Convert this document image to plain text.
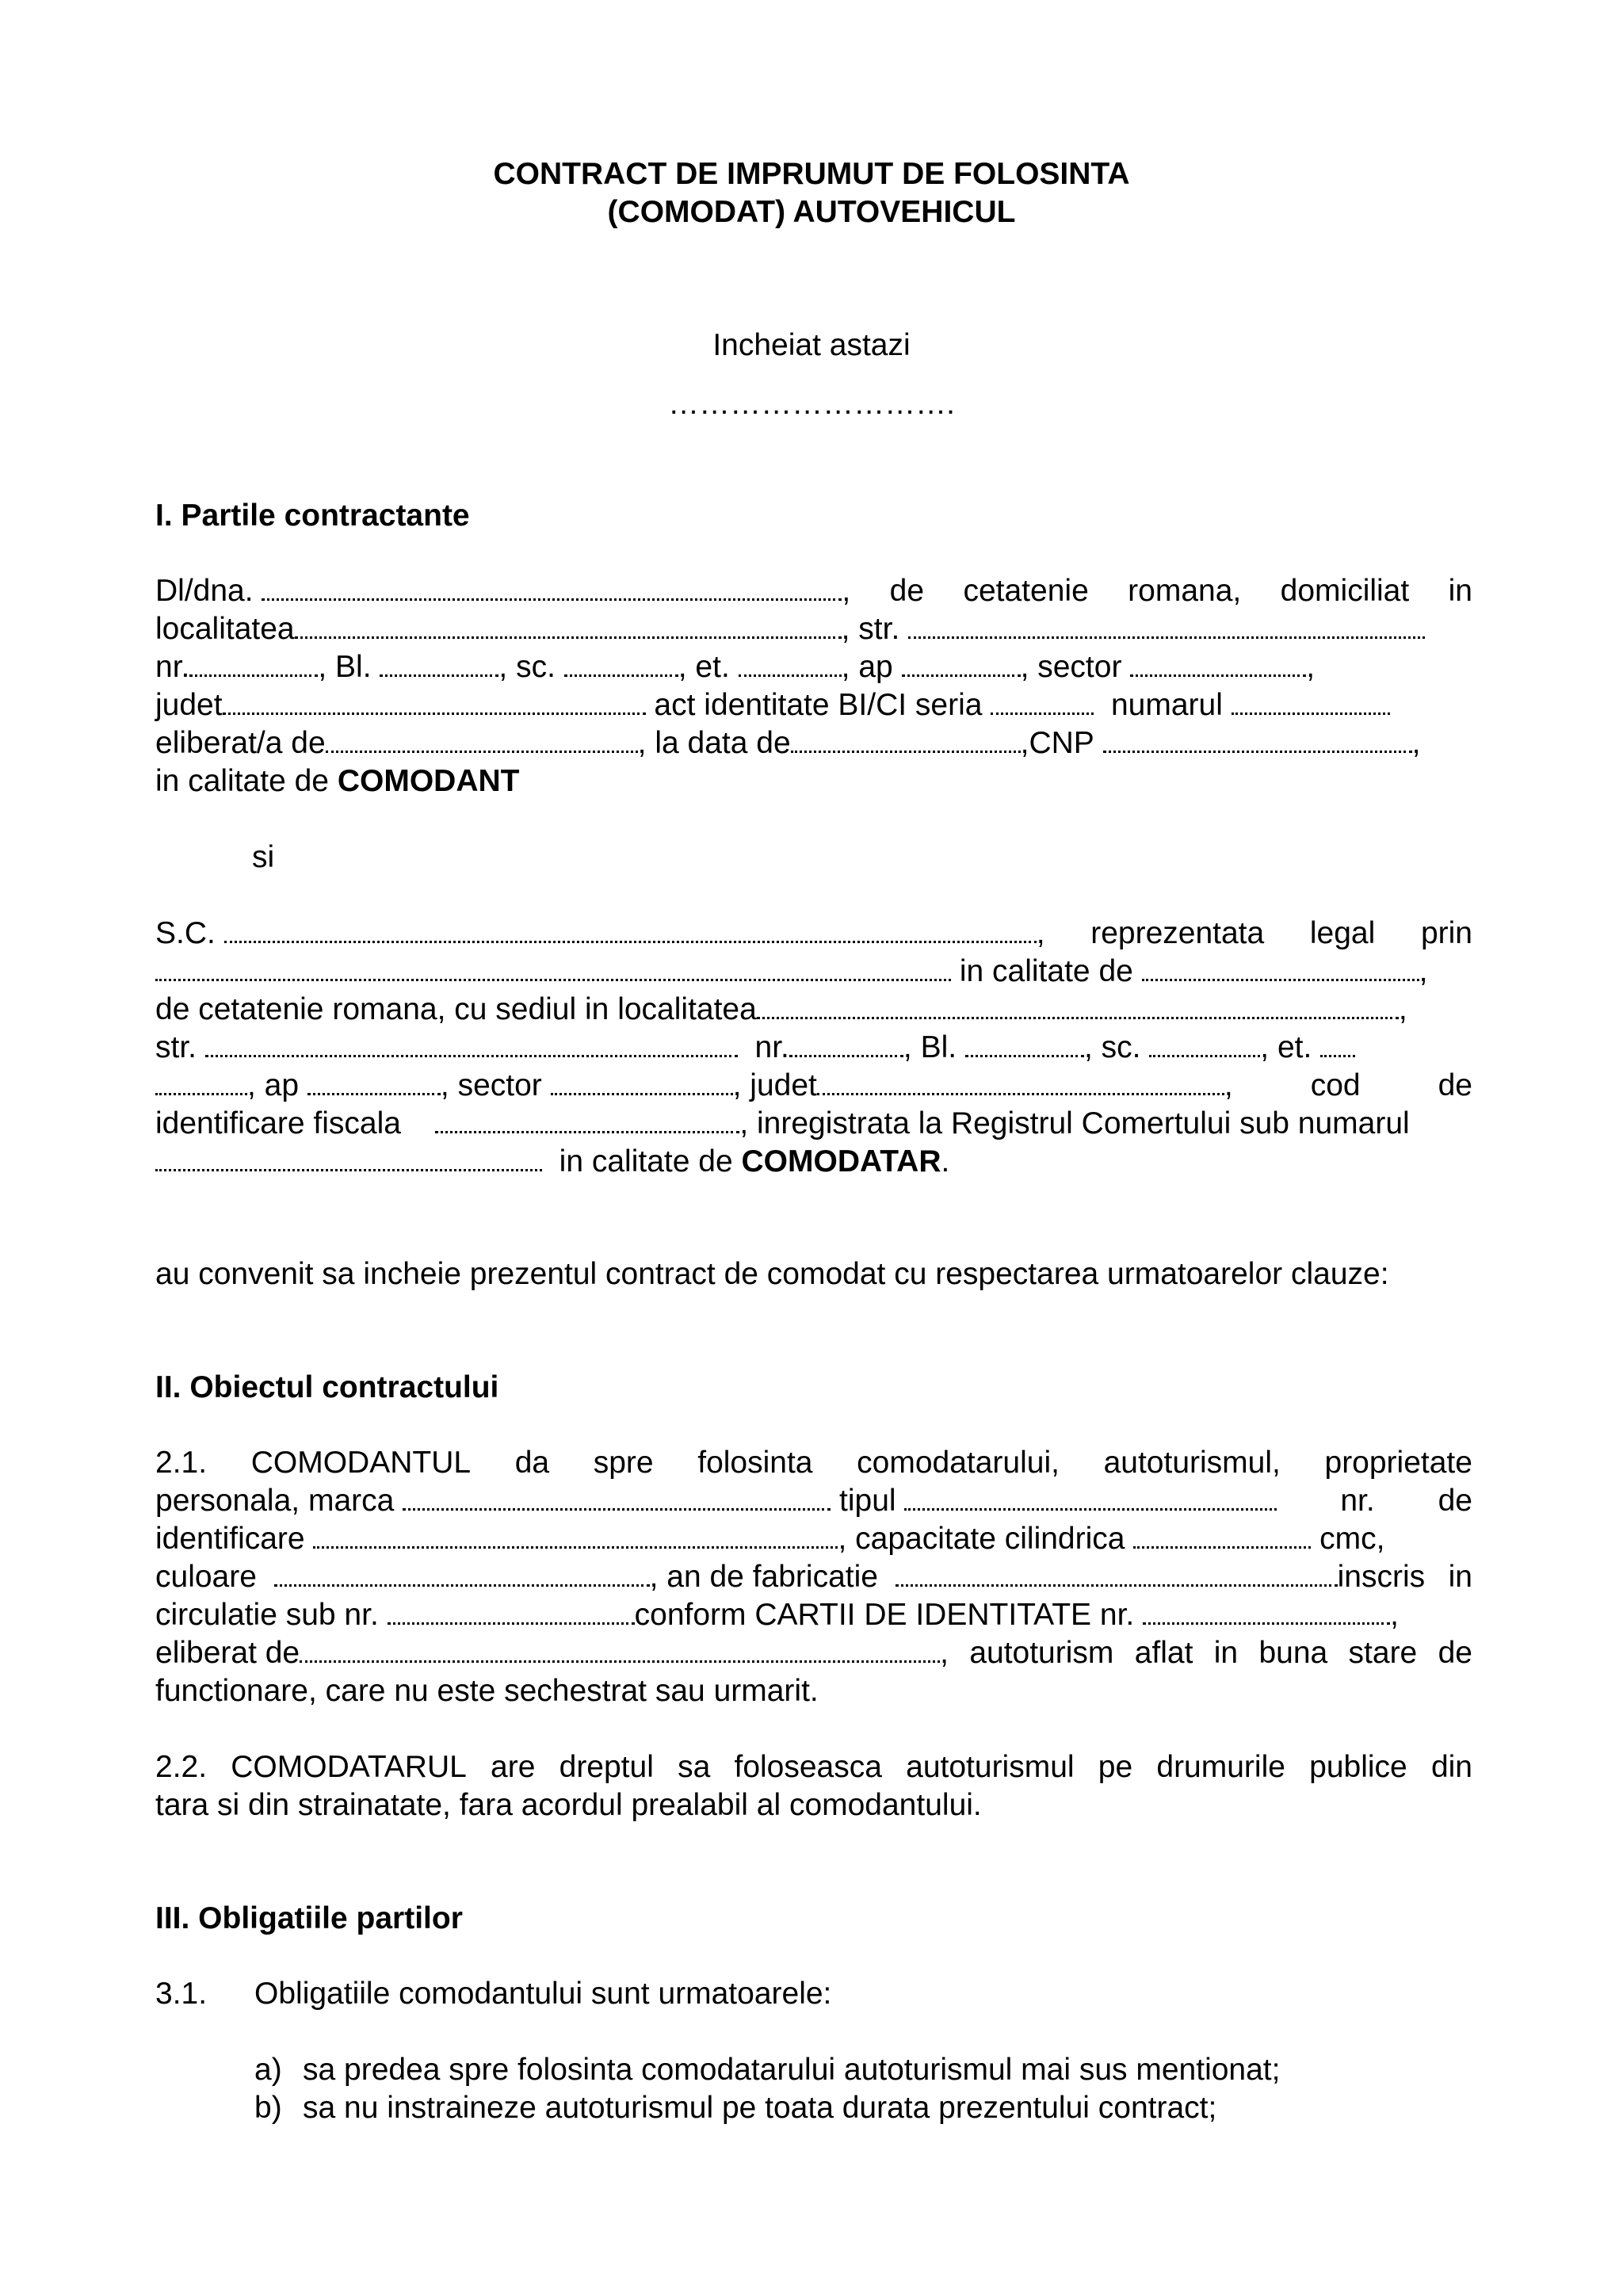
CONTRACT DE IMPRUMUT DE FOLOSINTA
(COMODAT) AUTOVEHICUL
Incheiat astazi
……………………….
I. Partile contractante
Dl/dna.	, de cetatenie romana, domiciliat in
localitatea	, str.

nr.	, Bl.
	, sc.
	, et.
	, ap
	, sector
	,
judet
	act identitate BI/CI seria

	numarul

eliberat/a de	, la data de	,CNP
	,
in calitate de
COMODANT
si
S.C.	, reprezentata legal prin

in calitate de
	,
de cetatenie romana, cu sediul in localitatea	,
str.

	nr.	, Bl.
	, sc.
	, et.

, ap	, sector	, judet	,	cod	de
identificare fiscala
	, inregistrata la Registrul Comertului sub numarul

in calitate de
COMODATAR .
au convenit sa incheie prezentul contract de comodat cu respectarea urmatoarelor clauze:
II. Obiectul contractului
2.1. COMODANTUL da spre folosinta comodatarului, autoturismul, proprietate
personala, marca	tipul	nr. de
identificare
	, capacitate cilindrica

	cmc,
culoare	, an de fabricatie	inscris in
circulatie sub nr.
	conform CARTII DE IDENTITATE nr.
	,
eliberat de	, autoturism aflat in buna stare de
functionare, care nu este sechestrat sau urmarit.
2.2. COMODATARUL are dreptul sa foloseasca autoturismul pe drumurile publice din
tara si din strainatate, fara acordul prealabil al comodantului.
III. Obligatiile partilor
3.1. Obligatiile comodantului sunt urmatoarele:
a) sa predea spre folosinta comodatarului autoturismul mai sus mentionat;
b) sa nu instraineze autoturismul pe toata durata prezentului contract;
